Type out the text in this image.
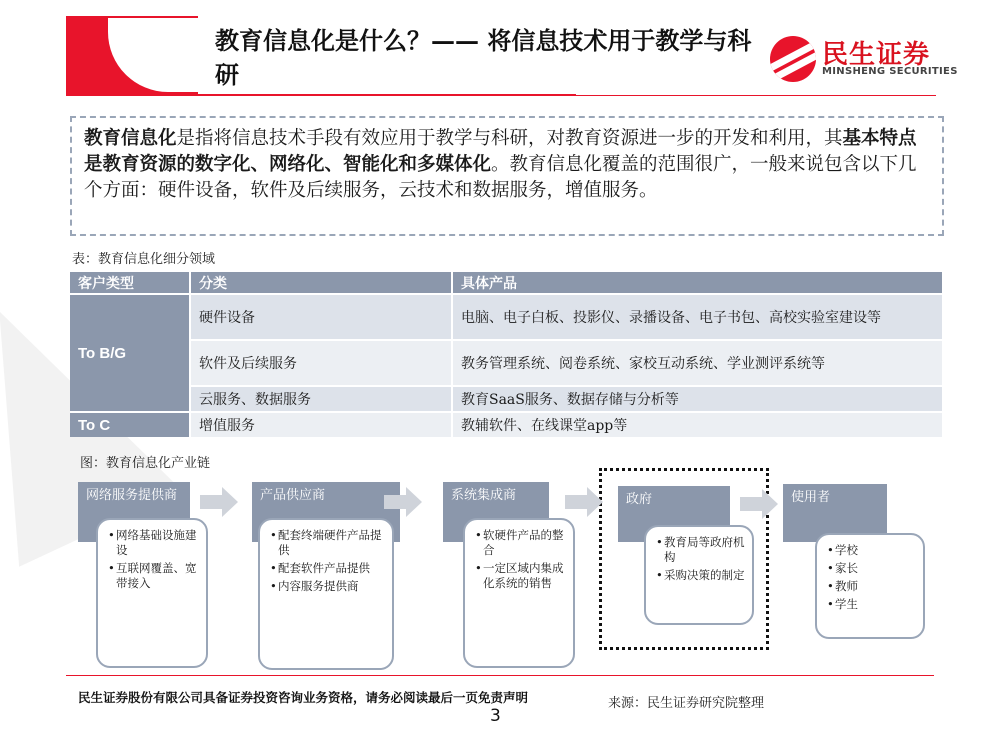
教育信息化是什么？—— 将信息技术用于教学与科研
民生证券
MINSHENG SECURITIES
教育信息化是指将信息技术手段有效应用于教学与科研，对教育资源进一步的开发和利用，其基本特点是教育资源的数字化、网络化、智能化和多媒体化。教育信息化覆盖的范围很广，一般来说包含以下几个方面：硬件设备，软件及后续服务，云技术和数据服务，增值服务。
表：教育信息化细分领域
客户类型	分类	具体产品
To B/G	硬件设备	电脑、电子白板、投影仪、录播设备、电子书包、高校实验室建设等
	软件及后续服务	教务管理系统、阅卷系统、家校互动系统、学业测评系统等
	云服务、数据服务	教育SaaS服务、数据存储与分析等
To C	增值服务	教辅软件、在线课堂app等
图：教育信息化产业链
网络服务提供商
• 网络基础设施建设
• 互联网覆盖、宽带接入
产品供应商
• 配套终端硬件产品提供
• 配套软件产品提供
• 内容服务提供商
系统集成商
• 软硬件产品的整合
• 一定区域内集成化系统的销售
政府
• 教育局等政府机构
• 采购决策的制定
使用者
• 学校
• 家长
• 教师
• 学生
民生证券股份有限公司具备证券投资咨询业务资格，请务必阅读最后一页免责声明	来源：民生证券研究院整理
3
